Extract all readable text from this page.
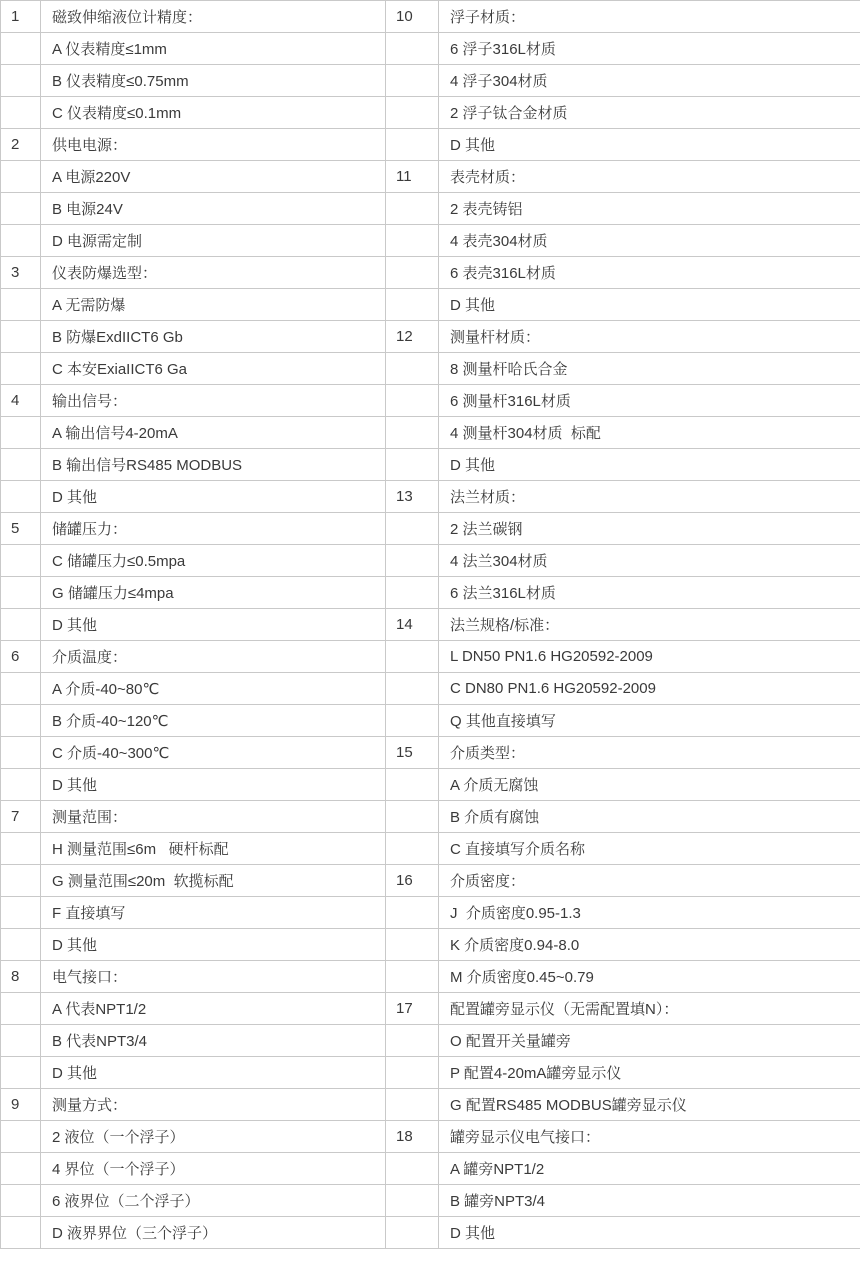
1	磁致伸缩液位计精度：	10	浮子材质：
	A 仪表精度≤1mm		6 浮子316L材质
	B 仪表精度≤0.75mm		4 浮子304材质
	C 仪表精度≤0.1mm		2 浮子钛合金材质
2	供电电源：		D 其他
	A 电源220V	11	表壳材质：
	B 电源24V		2 表壳铸铝
	D 电源需定制		4 表壳304材质
3	仪表防爆选型：		6 表壳316L材质
	A 无需防爆		D 其他
	B 防爆ExdIICT6 Gb	12	测量杆材质：
	C 本安ExiaIICT6 Ga		8 测量杆哈氏合金
4	输出信号：		6 测量杆316L材质
	A 输出信号4-20mA		4 测量杆304材质  标配
	B 输出信号RS485 MODBUS		D 其他
	D 其他	13	法兰材质：
5	储罐压力：		2 法兰碳钢
	C 储罐压力≤0.5mpa		4 法兰304材质
	G 储罐压力≤4mpa		6 法兰316L材质
	D 其他	14	法兰规格/标准：
6	介质温度：		L DN50 PN1.6 HG20592-2009
	A 介质-40~80℃		C DN80 PN1.6 HG20592-2009
	B 介质-40~120℃		Q 其他直接填写
	C 介质-40~300℃	15	介质类型：
	D 其他		A 介质无腐蚀
7	测量范围：		B 介质有腐蚀
	H 测量范围≤6m   硬杆标配		C 直接填写介质名称
	G 测量范围≤20m  软揽标配	16	介质密度：
	F 直接填写		J  介质密度0.95-1.3
	D 其他		K 介质密度0.94-8.0
8	电气接口：		M 介质密度0.45~0.79
	A 代表NPT1/2	17	配置罐旁显示仪（无需配置填N）：
	B 代表NPT3/4		O 配置开关量罐旁
	D 其他		P 配置4-20mA罐旁显示仪
9	测量方式：		G 配置RS485 MODBUS罐旁显示仪
	2 液位（一个浮子）	18	罐旁显示仪电气接口：
	4 界位（一个浮子）		A 罐旁NPT1/2
	6 液界位（二个浮子）		B 罐旁NPT3/4
	D 液界界位（三个浮子）		D 其他
